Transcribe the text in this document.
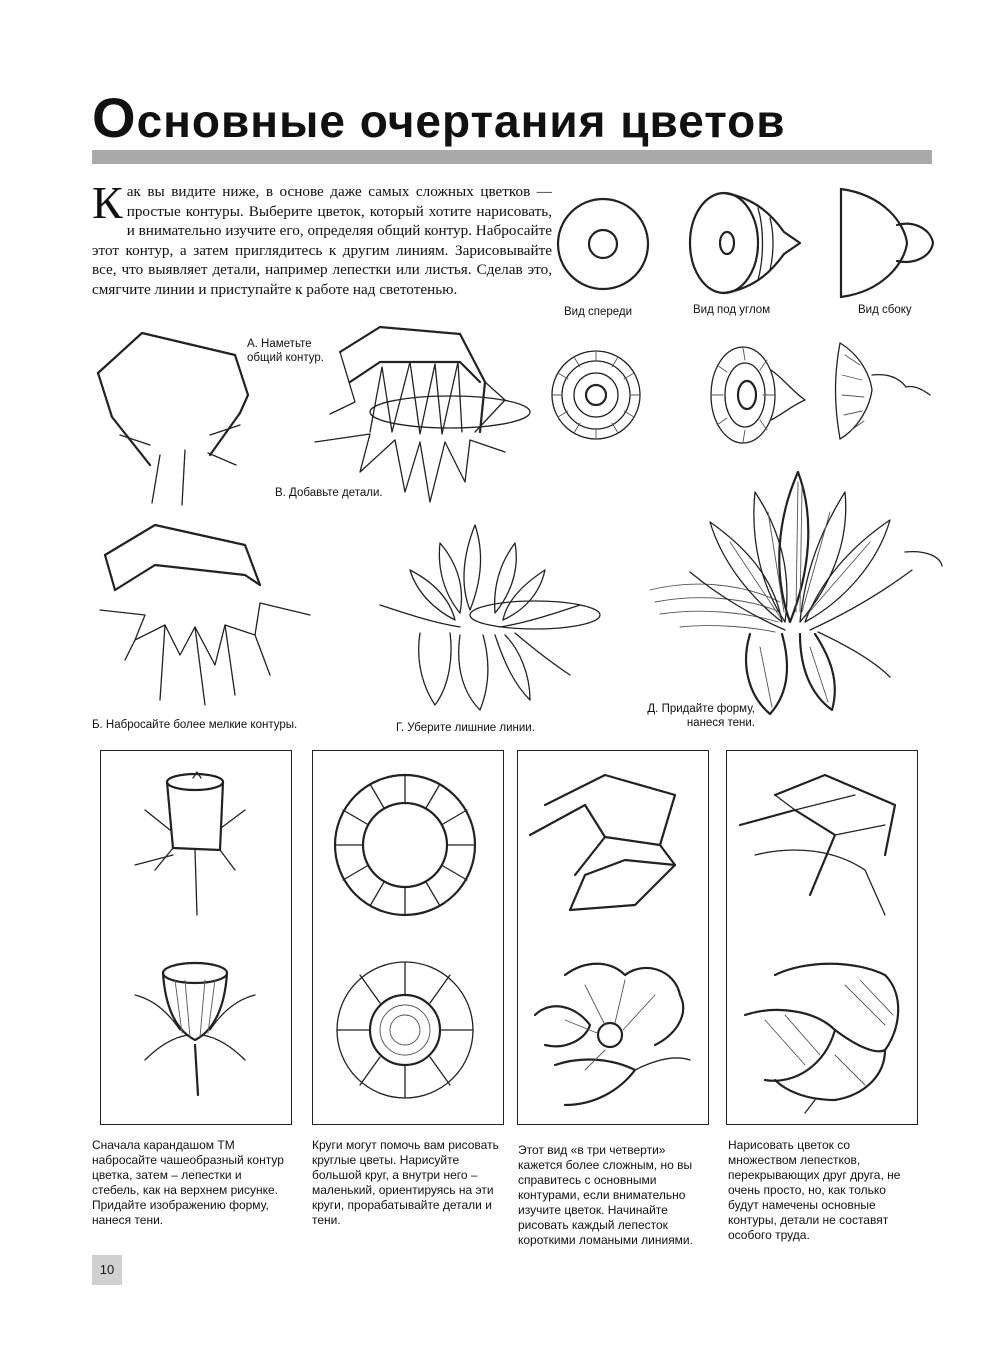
Основные очертания цветов
Как вы видите ниже, в основе даже самых сложных цветков — простые контуры. Выберите цветок, который хотите нарисовать, и внимательно изучите его, определяя общий контур. Набросайте этот контур, а затем приглядитесь к другим линиям. Зарисовывайте все, что выявляет детали, например лепестки или листья. Сделав это, смягчите линии и приступайте к работе над светотенью.
Вид спереди	Вид под углом	Вид сбоку
А. Наметьте общий контур.
В. Добавьте детали.
Б. Набросайте более мелкие контуры.	Г. Уберите лишние линии.
Д. Придайте форму, нанеся тени.
Сначала карандашом ТМ набросайте чашеобразный контур цветка, затем – лепестки и стебель, как на верхнем рисунке. Придайте изображению форму, нанеся тени.
Круги могут помочь вам рисовать круглые цветы. Нарисуйте большой круг, а внутри него – маленький, ориентируясь на эти круги, прорабатывайте детали и тени.
Этот вид «в три четверти» кажется более сложным, но вы справитесь с основными контурами, если внимательно изучите цветок. Начинайте рисовать каждый лепесток короткими ломаными линиями.
Нарисовать цветок со множеством лепестков, перекрывающих друг друга, не очень просто, но, как только будут намечены основные контуры, детали не составят особого труда.
10
